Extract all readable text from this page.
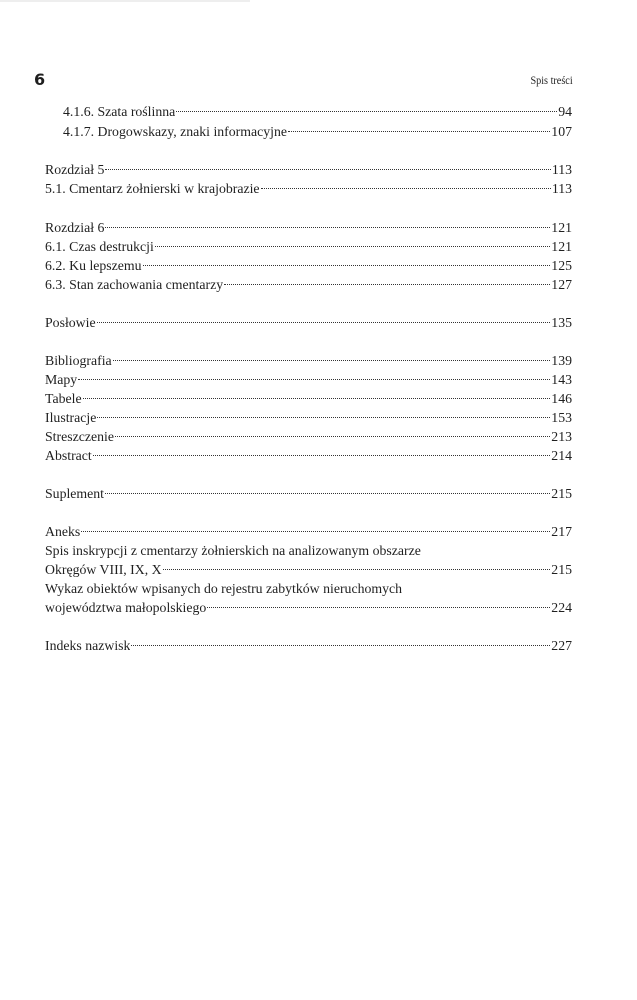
6	Spis treści
4.1.6. Szata roślinna	94
4.1.7. Drogowskazy, znaki informacyjne	107
Rozdział 5	113
5.1. Cmentarz żołnierski w krajobrazie	113
Rozdział 6	121
6.1. Czas destrukcji	121
6.2. Ku lepszemu	125
6.3. Stan zachowania cmentarzy	127
Posłowie	135
Bibliografia	139
Mapy	143
Tabele	146
Ilustracje	153
Streszczenie	213
Abstract	214
Suplement	215
Aneks	217
Spis inskrypcji z cmentarzy żołnierskich na analizowanym obszarze
Okręgów VIII, IX, X	215
Wykaz obiektów wpisanych do rejestru zabytków nieruchomych
województwa małopolskiego	224
Indeks nazwisk	227
